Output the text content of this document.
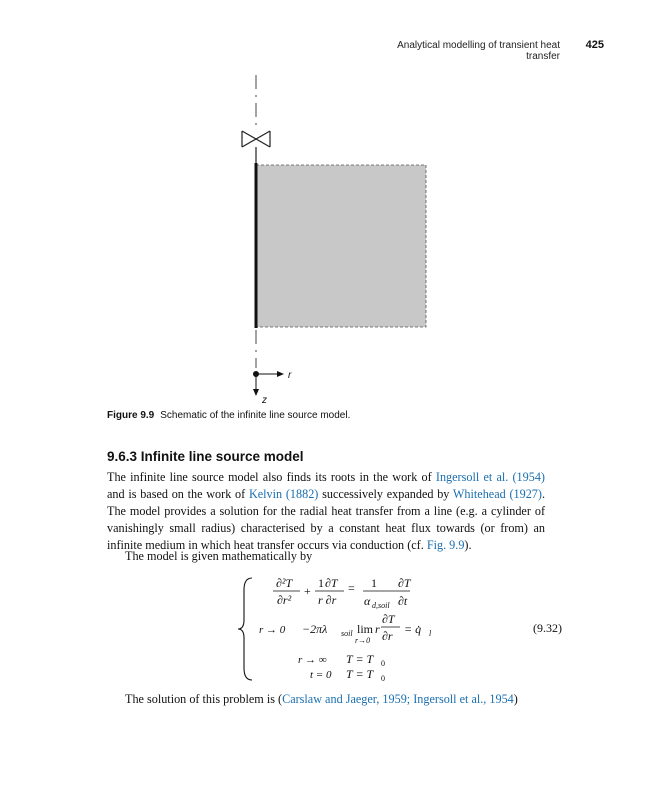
Analytical modelling of transient heat transfer
425
r
z
Figure 9.9 Schematic of the infinite line source model.
9.6.3 Infinite line source model
The infinite line source model also finds its roots in the work of Ingersoll et al. (1954) and is based on the work of Kelvin (1882) successively expanded by Whitehead (1927). The model provides a solution for the radial heat transfer from a line (e.g. a cylinder of vanishingly small radius) characterised by a constant heat flux towards (or from) an infinite medium in which heat transfer occurs via conduction (cf. Fig. 9.9).
The model is given mathematically by
∂²T
∂r²
+
1 ∂T
r ∂r
= 1
α d,soil
∂T
∂t
r → 0 −2πλ soil lim
r→0
r
∂T
∂r = q̇ l
r → ∞ T = T 0
t = 0 T = T 0
(9.32)
The solution of this problem is (Carslaw and Jaeger, 1959; Ingersoll et al., 1954)
